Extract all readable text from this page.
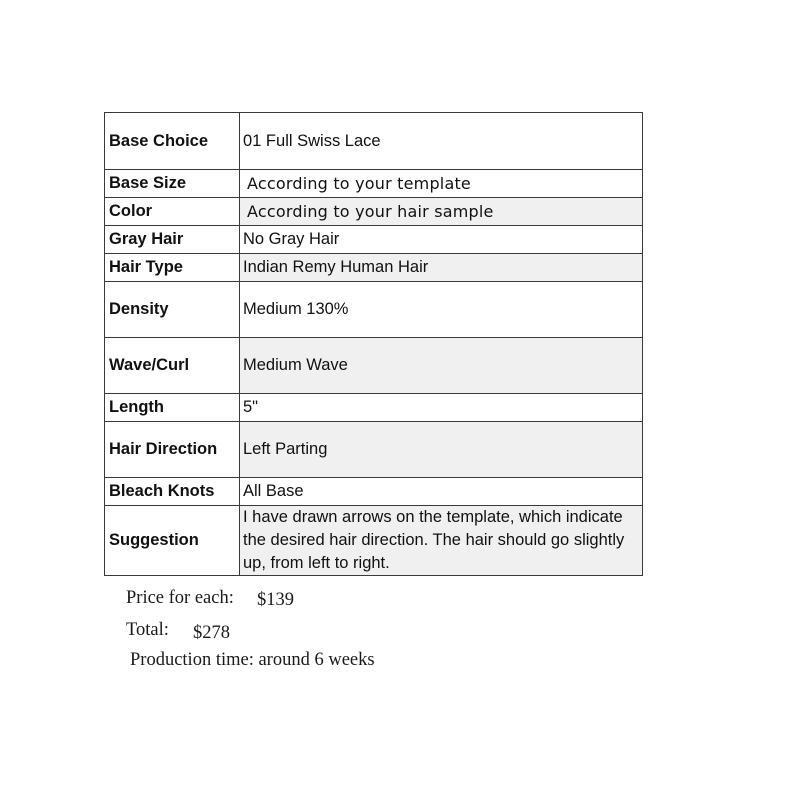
Base Choice	01 Full Swiss Lace
Base Size	According to your template
Color	According to your hair sample
Gray Hair	No Gray Hair
Hair Type	Indian Remy Human Hair
Density	Medium 130%
Wave/Curl	Medium Wave
Length	5"
Hair Direction	Left Parting
Bleach Knots	All Base
Suggestion	I have drawn arrows on the template, which indicate the desired hair direction. The hair should go slightly up, from left to right.
Price for each: $139
Total: $278
Production time: around 6 weeks
